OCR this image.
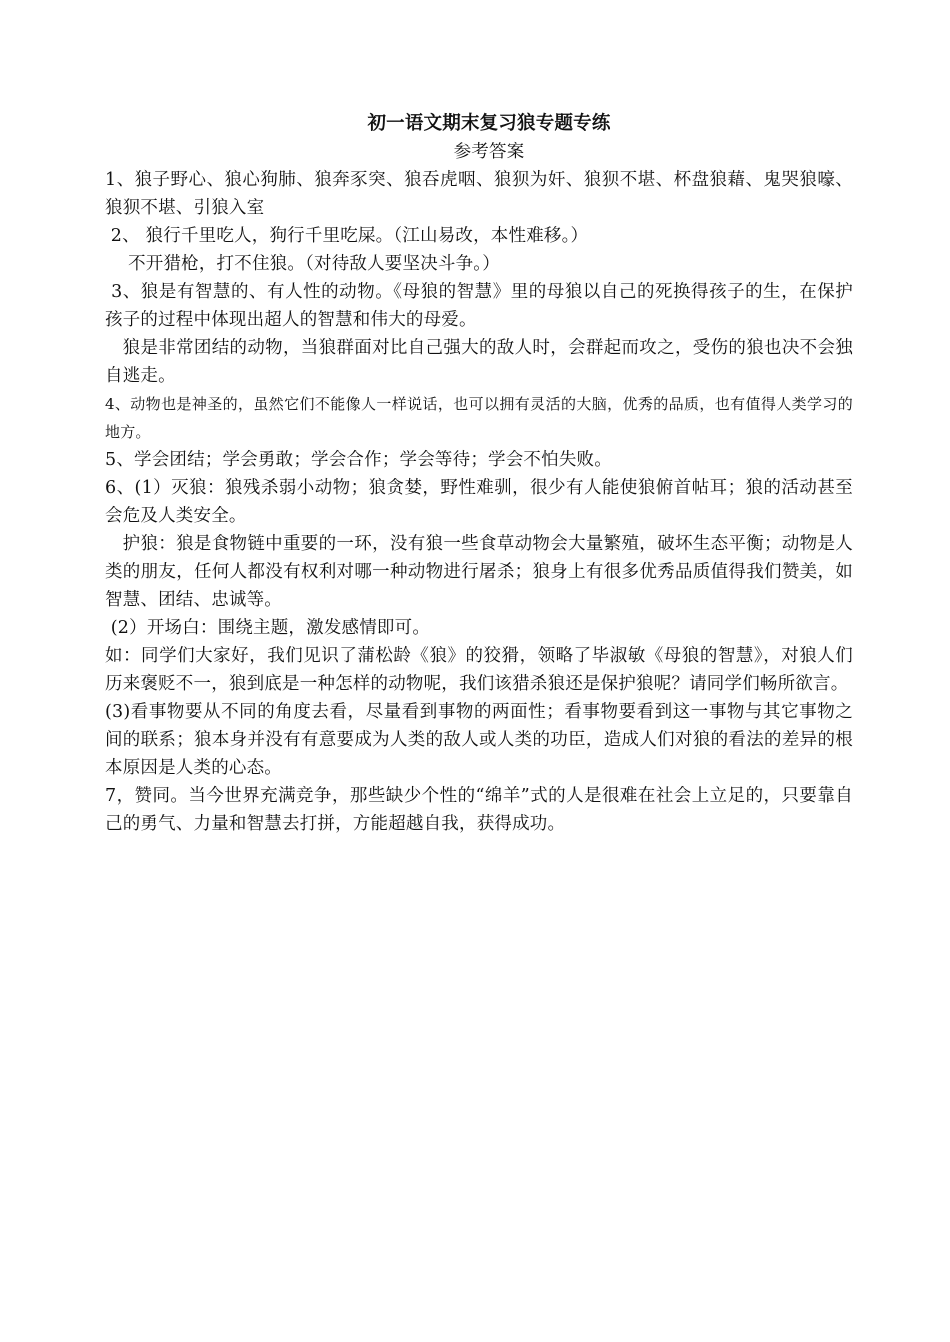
初一语文期末复习狼专题专练

参考答案

1、狼子野心、狼心狗肺、狼奔豕突、狼吞虎咽、狼狈为奸、狼狈不堪、杯盘狼藉、鬼哭狼嚎、  狼狈不堪、引狼入室

2、 狼行千里吃人，狗行千里吃屎。（江山易改，本性难移。）

不开猎枪，打不住狼。（对待敌人要坚决斗争。）

3、狼是有智慧的、有人性的动物。《母狼的智慧》里的母狼以自己的死换得孩子的生，在保护孩子的过程中体现出超人的智慧和伟大的母爱。

狼是非常团结的动物，当狼群面对比自己强大的敌人时，会群起而攻之，受伤的狼也决不会独自逃走。

4、动物也是神圣的，虽然它们不能像人一样说话，也可以拥有灵活的大脑，优秀的品质，也有值得人类学习的地方。

5、学会团结；学会勇敢；学会合作；学会等待；学会不怕失败。

6、(1）灭狼：狼残杀弱小动物；狼贪婪，野性难驯，很少有人能使狼俯首帖耳；狼的活动甚至会危及人类安全。

护狼：狼是食物链中重要的一环，没有狼一些食草动物会大量繁殖，破坏生态平衡；动物是人类的朋友，任何人都没有权利对哪一种动物进行屠杀；狼身上有很多优秀品质值得我们赞美，如智慧、团结、忠诚等。

(2）开场白：围绕主题，激发感情即可。

如：同学们大家好，我们见识了蒲松龄《狼》的狡猾，领略了毕淑敏《母狼的智慧》，对狼人们历来褒贬不一，狼到底是一种怎样的动物呢，我们该猎杀狼还是保护狼呢？请同学们畅所欲言。

(3)看事物要从不同的角度去看，尽量看到事物的两面性；看事物要看到这一事物与其它事物之间的联系；狼本身并没有有意要成为人类的敌人或人类的功臣，造成人们对狼的看法的差异的根本原因是人类的心态。

7，赞同。当今世界充满竞争，那些缺少个性的“绵羊”式的人是很难在社会上立足的，只要靠自己的勇气、力量和智慧去打拼，方能超越自我，获得成功。
